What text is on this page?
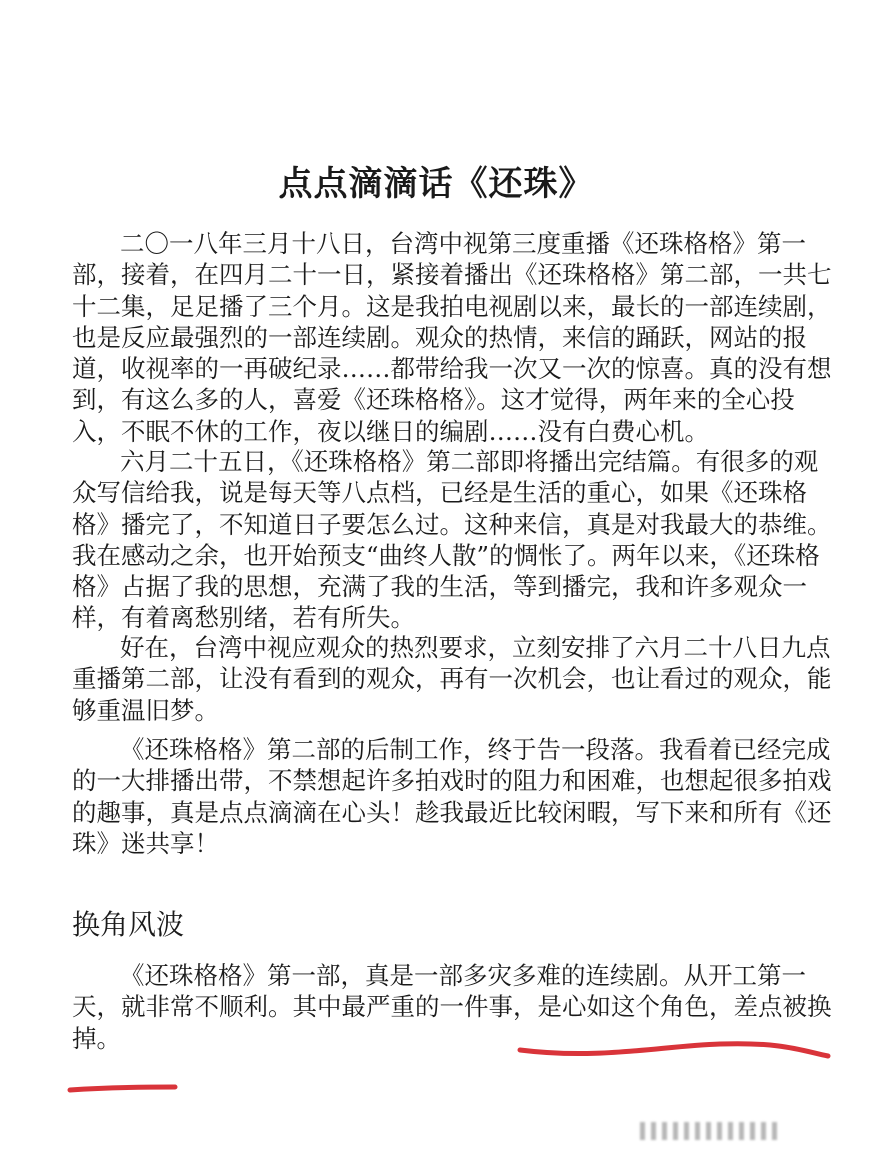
点点滴滴话《还珠》
二〇一八年三月十八日，台湾中视第三度重播《还珠格格》第一
部，接着，在四月二十一日，紧接着播出《还珠格格》第二部，一共七
十二集，足足播了三个月。这是我拍电视剧以来，最长的一部连续剧，
也是反应最强烈的一部连续剧。观众的热情，来信的踊跃，网站的报
道，收视率的一再破纪录……都带给我一次又一次的惊喜。真的没有想
到，有这么多的人，喜爱《还珠格格》。这才觉得，两年来的全心投
入，不眠不休的工作，夜以继日的编剧……没有白费心机。
六月二十五日，《还珠格格》第二部即将播出完结篇。有很多的观
众写信给我，说是每天等八点档，已经是生活的重心，如果《还珠格
格》播完了，不知道日子要怎么过。这种来信，真是对我最大的恭维。
我在感动之余，也开始预支“曲终人散”的惆怅了。两年以来，《还珠格
格》占据了我的思想，充满了我的生活，等到播完，我和许多观众一
样，有着离愁别绪，若有所失。
好在，台湾中视应观众的热烈要求，立刻安排了六月二十八日九点
重播第二部，让没有看到的观众，再有一次机会，也让看过的观众，能
够重温旧梦。
《还珠格格》第二部的后制工作，终于告一段落。我看着已经完成
的一大排播出带，不禁想起许多拍戏时的阻力和困难，也想起很多拍戏
的趣事，真是点点滴滴在心头！趁我最近比较闲暇，写下来和所有《还
珠》迷共享！
换角风波
《还珠格格》第一部，真是一部多灾多难的连续剧。从开工第一
天，就非常不顺利。其中最严重的一件事，是心如这个角色，差点被换
掉。
